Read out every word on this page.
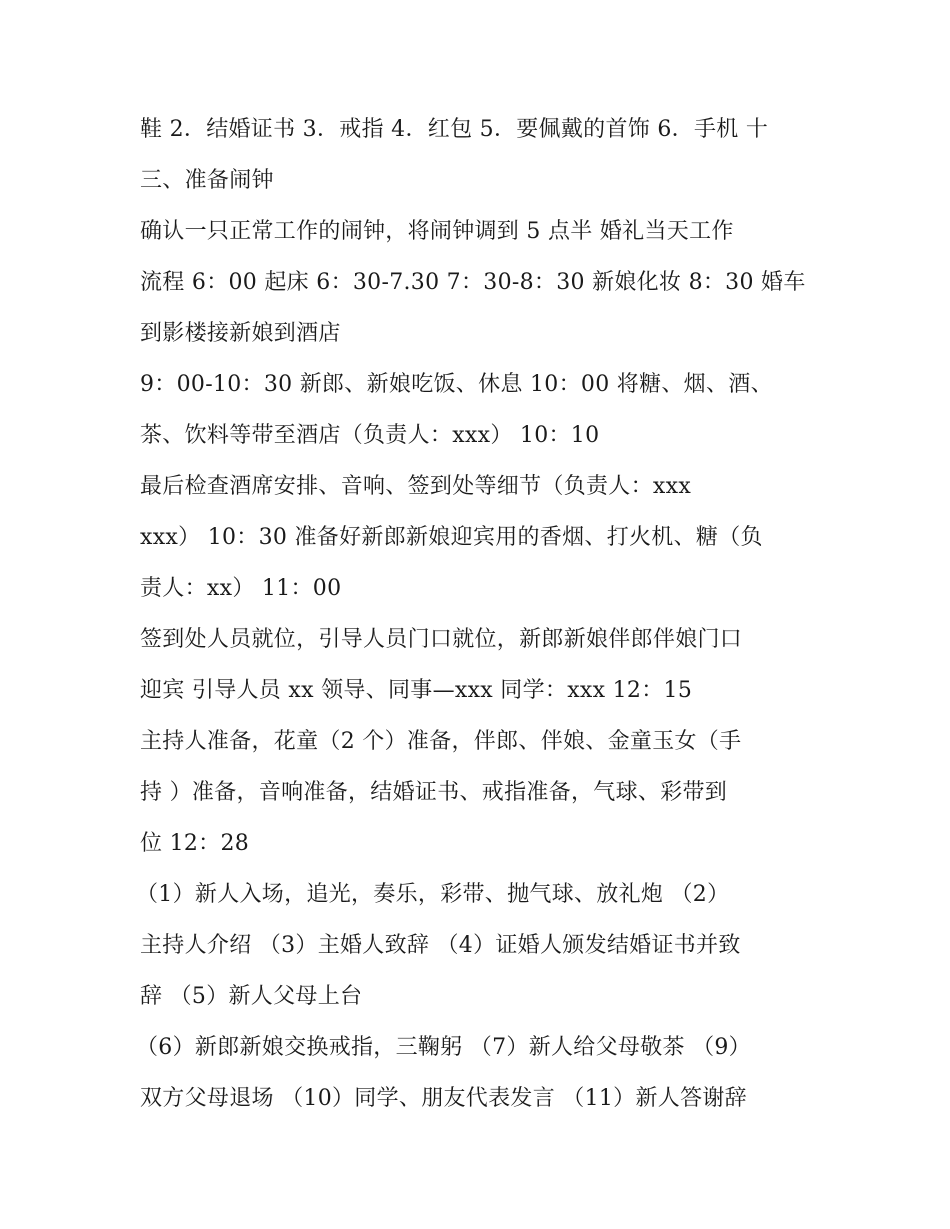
鞋 2．结婚证书 3．戒指 4．红包 5．要佩戴的首饰 6．手机 十
三、准备闹钟
确认一只正常工作的闹钟，将闹钟调到 5 点半 婚礼当天工作
流程 6：00 起床 6：30-7.30 7：30-8：30 新娘化妆 8：30 婚车
到影楼接新娘到酒店
9：00-10：30 新郎、新娘吃饭、休息 10：00 将糖、烟、酒、
茶、饮料等带至酒店（负责人：xxx） 10：10
最后检查酒席安排、音响、签到处等细节（负责人：xxx
xxx） 10：30 准备好新郎新娘迎宾用的香烟、打火机、糖（负
责人：xx） 11：00
签到处人员就位，引导人员门口就位，新郎新娘伴郎伴娘门口
迎宾 引导人员 xx 领导、同事—xxx 同学：xxx 12：15
主持人准备，花童（2 个）准备，伴郎、伴娘、金童玉女（手
持 ）准备，音响准备，结婚证书、戒指准备，气球、彩带到
位 12：28
（1）新人入场，追光，奏乐，彩带、抛气球、放礼炮 （2）
主持人介绍 （3）主婚人致辞 （4）证婚人颁发结婚证书并致
辞 （5）新人父母上台
（6）新郎新娘交换戒指，三鞠躬 （7）新人给父母敬茶 （9）
双方父母退场 （10）同学、朋友代表发言 （11）新人答谢辞
